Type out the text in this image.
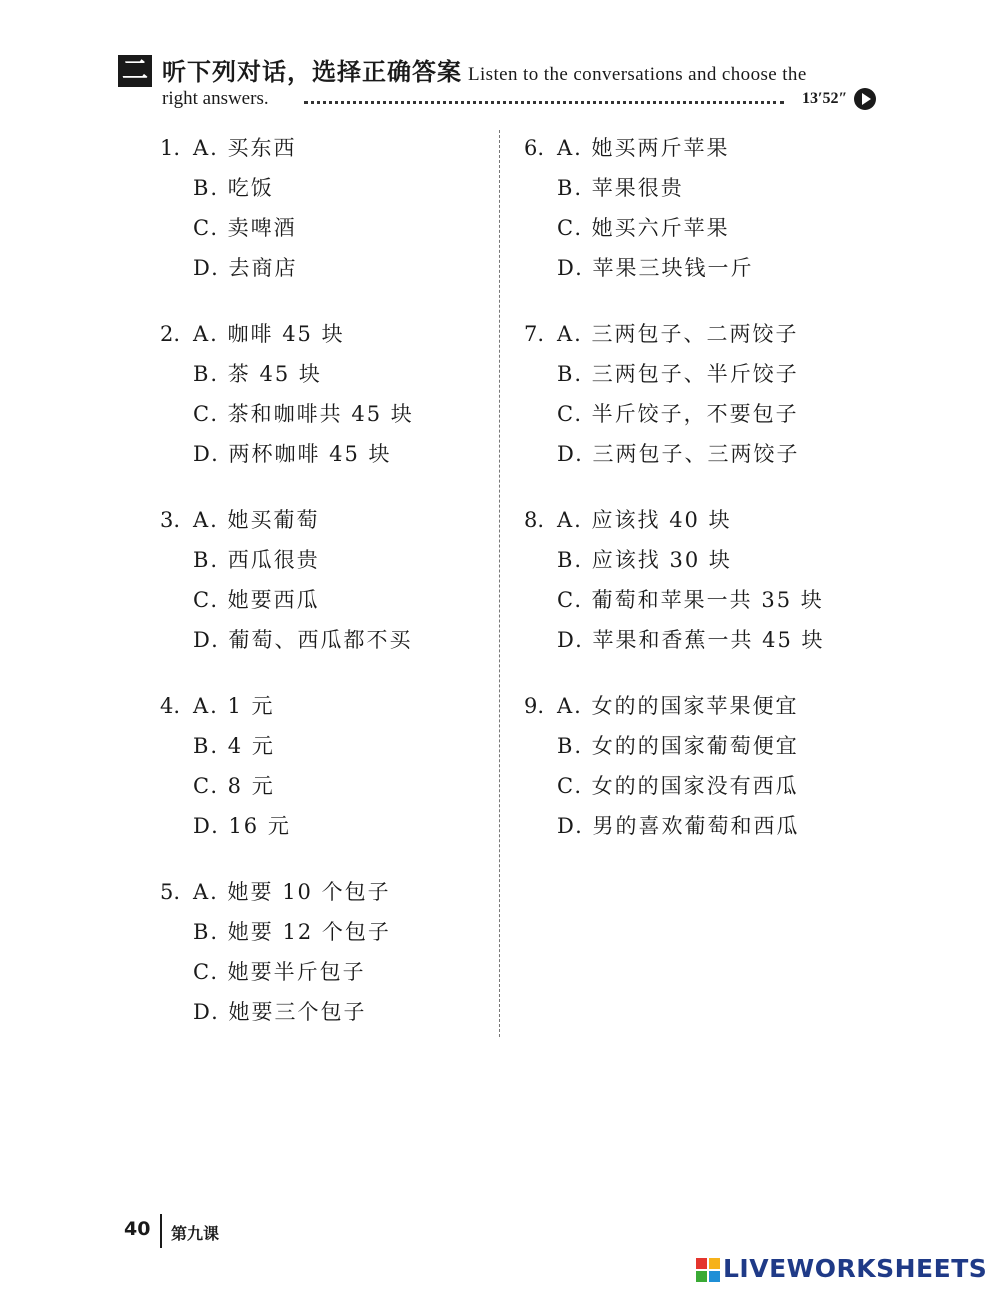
二 听下列对话，选择正确答案 Listen to the conversations and choose the
right answers.	13′52″
1. A. 买东西
B. 吃饭
C. 卖啤酒
D. 去商店
2. A. 咖啡 45 块
B. 茶 45 块
C. 茶和咖啡共 45 块
D. 两杯咖啡 45 块
3. A. 她买葡萄
B. 西瓜很贵
C. 她要西瓜
D. 葡萄、西瓜都不买
4. A. 1 元
B. 4 元
C. 8 元
D. 16 元
5. A. 她要 10 个包子
B. 她要 12 个包子
C. 她要半斤包子
D. 她要三个包子
6. A. 她买两斤苹果
B. 苹果很贵
C. 她买六斤苹果
D. 苹果三块钱一斤
7. A. 三两包子、二两饺子
B. 三两包子、半斤饺子
C. 半斤饺子，不要包子
D. 三两包子、三两饺子
8. A. 应该找 40 块
B. 应该找 30 块
C. 葡萄和苹果一共 35 块
D. 苹果和香蕉一共 45 块
9. A. 女的的国家苹果便宜
B. 女的的国家葡萄便宜
C. 女的的国家没有西瓜
D. 男的喜欢葡萄和西瓜
40 第九课
LIVEWORKSHEETS
